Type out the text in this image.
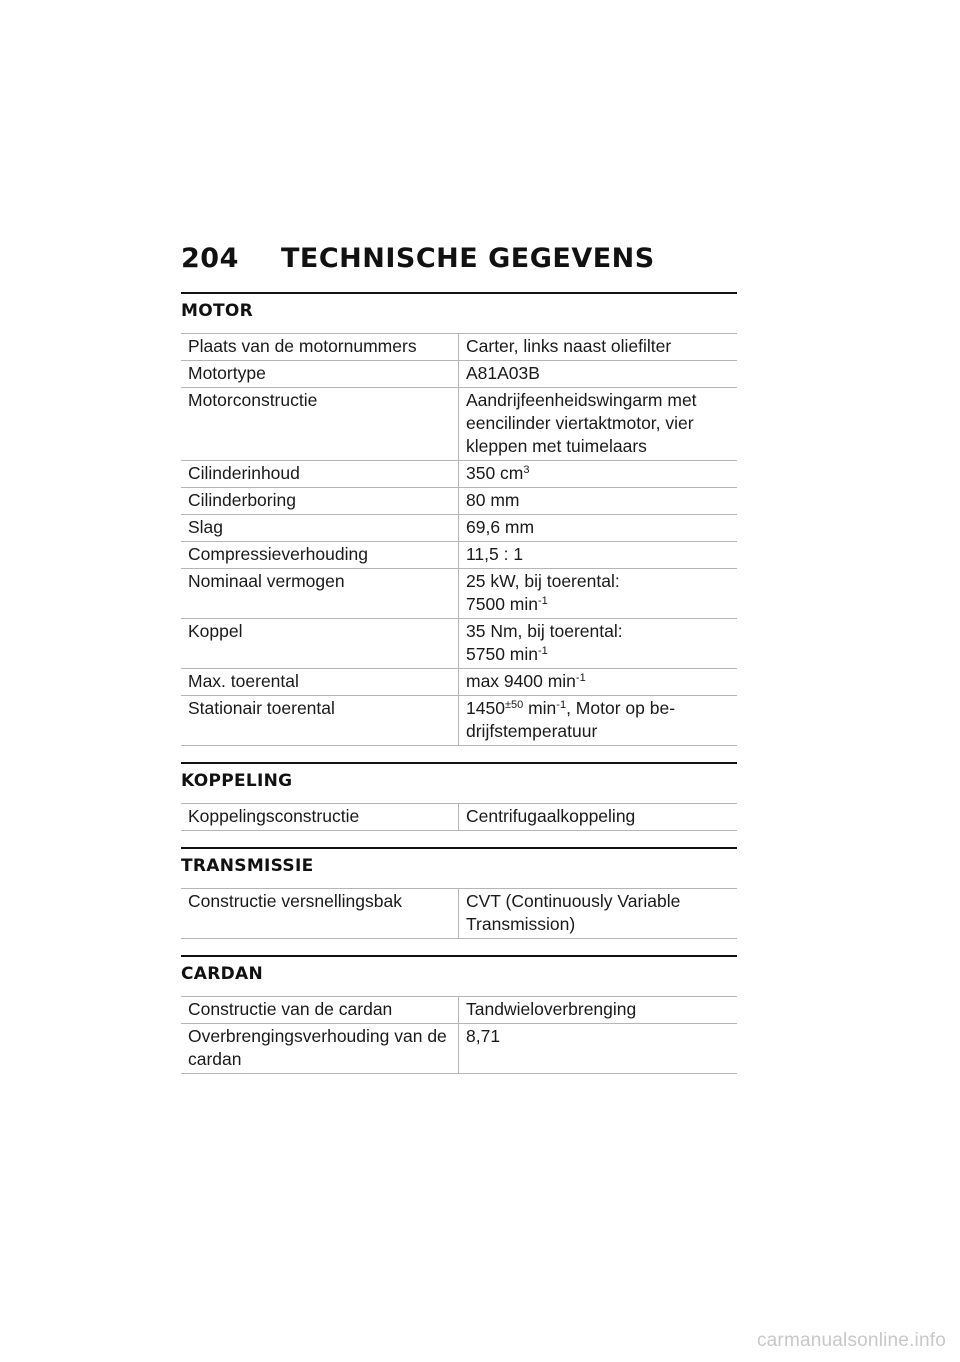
204 TECHNISCHE GEGEVENS
MOTOR
Plaats van de motornummers	Carter, links naast oliefilter
Motortype	A81A03B
Motorconstructie	Aandrijfeenheidswingarm met eencilinder viertaktmotor, vier kleppen met tuimelaars
Cilinderinhoud	350 $cm^3$
Cilinderboring	80 mm
Slag	69,6 mm
Compressieverhouding	11,5 : 1
Nominaal vermogen	25 kW, bij toerental:
7500 $\min^{-1}$
Koppel	35 Nm, bij toerental:
5750 $\min^{-1}$
Max. toerental	max 9400 $\min^{-1}$
Stationair toerental	$1450^{\pm 50}$ $\min^{-1}$, Motor op bedrijfstemperatuur
KOPPELING
Koppelingsconstructie	Centrifugaalkoppeling
TRANSMISSIE
Constructie versnellingsbak	CVT (Continuously Variable Transmission)
CARDAN
Constructie van de cardan	Tandwieloverbrenging
Overbrengingsverhouding van de cardan	8,71
carmanualsonline.info
